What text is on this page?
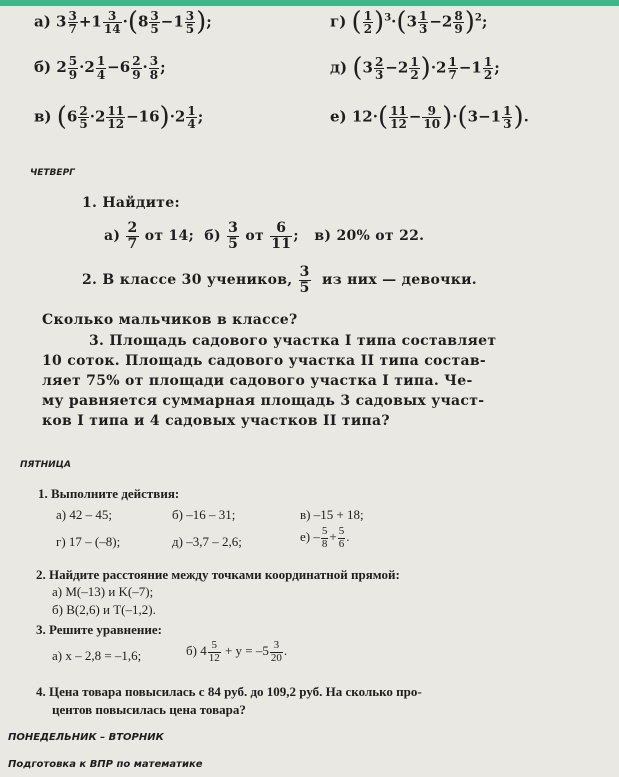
а) $3 \frac{3}{7} +1 \frac{3}{14} \cdot(8 \frac{3}{5} -1 \frac{3}{5}$ );	г) ( $\frac{1}{2} )^3\cdot(3 \frac{1}{3} -2 \frac{8}{9} )^2$;
б) $2 \frac{5}{9} \cdot 2 \frac{1}{4} -6 \frac{2}{9} \cdot \frac{3}{8}$ ;	д) $(3 \frac{2}{3} -2 \frac{1}{2} )\cdot 2 \frac{1}{7} -1 \frac{1}{2}$ ;
в) $(6 \frac{2}{5} \cdot 2 \frac{11}{12} -16)\cdot 2 \frac{1}{4}$ ;	е) $12\cdot( \frac{11}{12} - \frac{9}{10} )\cdot(3-1 \frac{1}{3}$ ).
ЧЕТВЕРГ
1. Найдите:
$а) \frac{2}{7}$ от 14; $б) \frac{3}{5}$ от $\frac{6}{11}$ ;   в) 20% от 22.
2. В классе 30 учеников, $\frac{3}{5}$ из них — девочки.
Сколько мальчиков в классе?
3. Площадь садового участка I типа составляет
10 соток. Площадь садового участка II типа состав-
ляет 75% от площади садового участка I типа. Че-
му равняется суммарная площадь 3 садовых участ-
ков I типа и 4 садовых участков II типа?
ПЯТНИЦА
1. Выполните действия:
а) 42 – 45;	б) –16 – 31;	в) –15 + 18;
г) 17 – (–8);	д) –3,7 – 2,6;	$е) - \frac{5}{8} + \frac{5}{6}$ .
2. Найдите расстояние между точками координатной прямой:
а) M(–13) и K(–7);
б) B(2,6) и T(–1,2).
3. Решите уравнение:
а) x – 2,8 = –1,6;	б) $4 \frac{5}{12} + y = -5 \frac{3}{20}$ .
4. Цена товара повысилась с 84 руб. до 109,2 руб. На сколько про-
центов повысилась цена товара?
ПОНЕДЕЛЬНИК – ВТОРНИК
Подготовка к ВПР по математике
